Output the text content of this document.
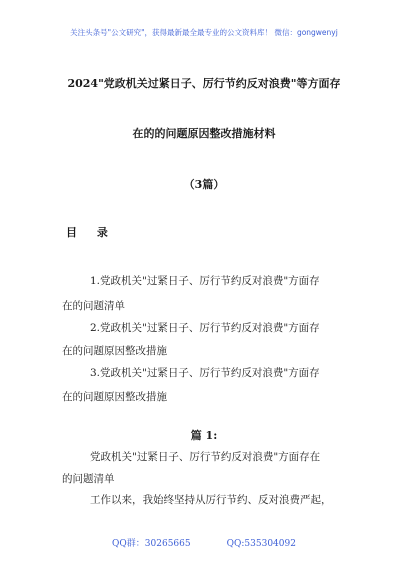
关注头条号"公文研究"，获得最新最全最专业的公文资料库！ 微信：gongwenyj
2024"党政机关过紧日子、厉行节约反对浪费"等方面存
在的的问题原因整改措施材料
（3篇）
目 录
1.党政机关"过紧日子、厉行节约反对浪费"方面存
在的问题清单
2.党政机关"过紧日子、厉行节约反对浪费"方面存
在的问题原因整改措施
3.党政机关"过紧日子、厉行节约反对浪费"方面存
在的问题原因整改措施
篇 1:
党政机关"过紧日子、厉行节约反对浪费"方面存在
的问题清单
工作以来，我始终坚持从厉行节约、反对浪费严起，
QQ群：30265665	QQ:535304092
